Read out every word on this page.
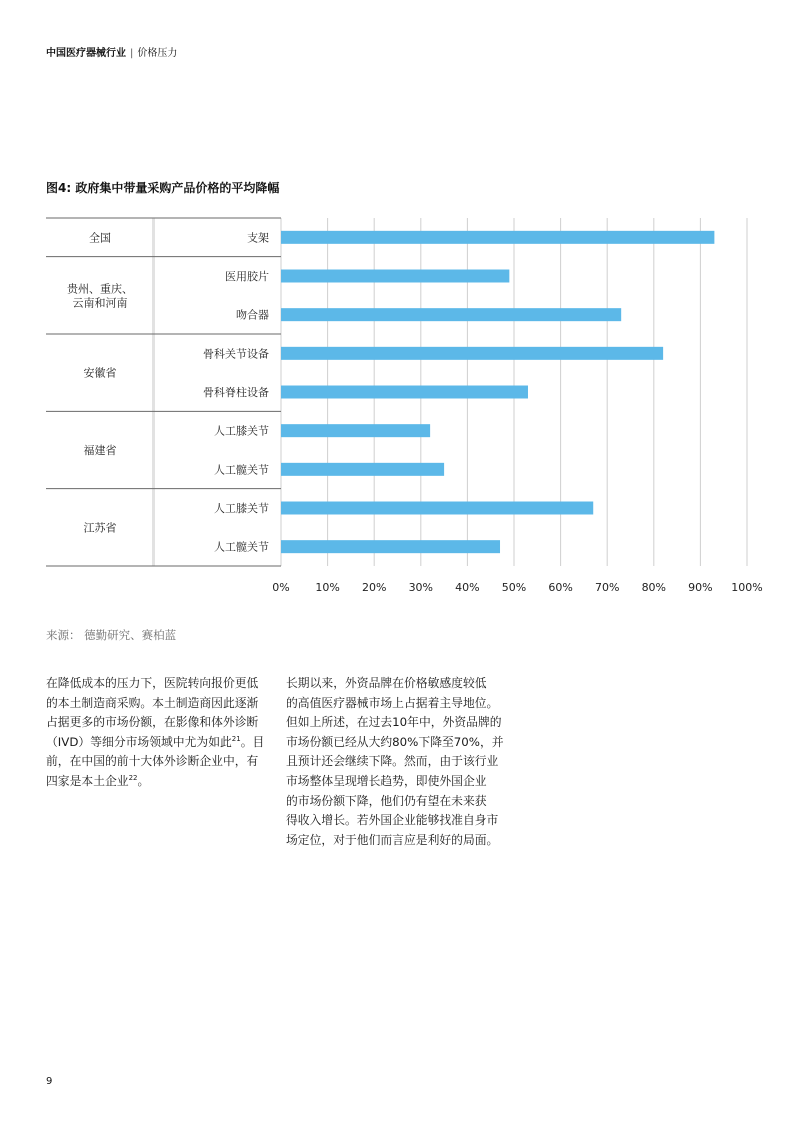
中国医疗器械行业 | 价格压力
图4: 政府集中带量采购产品价格的平均降幅
全国
贵州、重庆、
云南和河南
安徽省
福建省
江苏省
支架
医用胶片
吻合器
骨科关节设备
骨科脊柱设备
人工膝关节
人工髋关节
人工膝关节
人工髋关节
0% 10% 20% 30% 40% 50% 60% 70% 80% 90% 100%
来源： 德勤研究、赛柏蓝
在降低成本的压力下，医院转向报价更低
的本土制造商采购。本土制造商因此逐渐
占据更多的市场份额，在影像和体外诊断
（IVD）等细分市场领域中尤为如此$^{21}$。目
前，在中国的前十大体外诊断企业中，有
四家是本土企业$^{22}$。
长期以来，外资品牌在价格敏感度较低
的高值医疗器械市场上占据着主导地位。
但如上所述，在过去10年中，外资品牌的
市场份额已经从大约80%下降至70%，并
且预计还会继续下降。然而，由于该行业
市场整体呈现增长趋势，即使外国企业
的市场份额下降，他们仍有望在未来获
得收入增长。若外国企业能够找准自身市
场定位，对于他们而言应是利好的局面。
9
